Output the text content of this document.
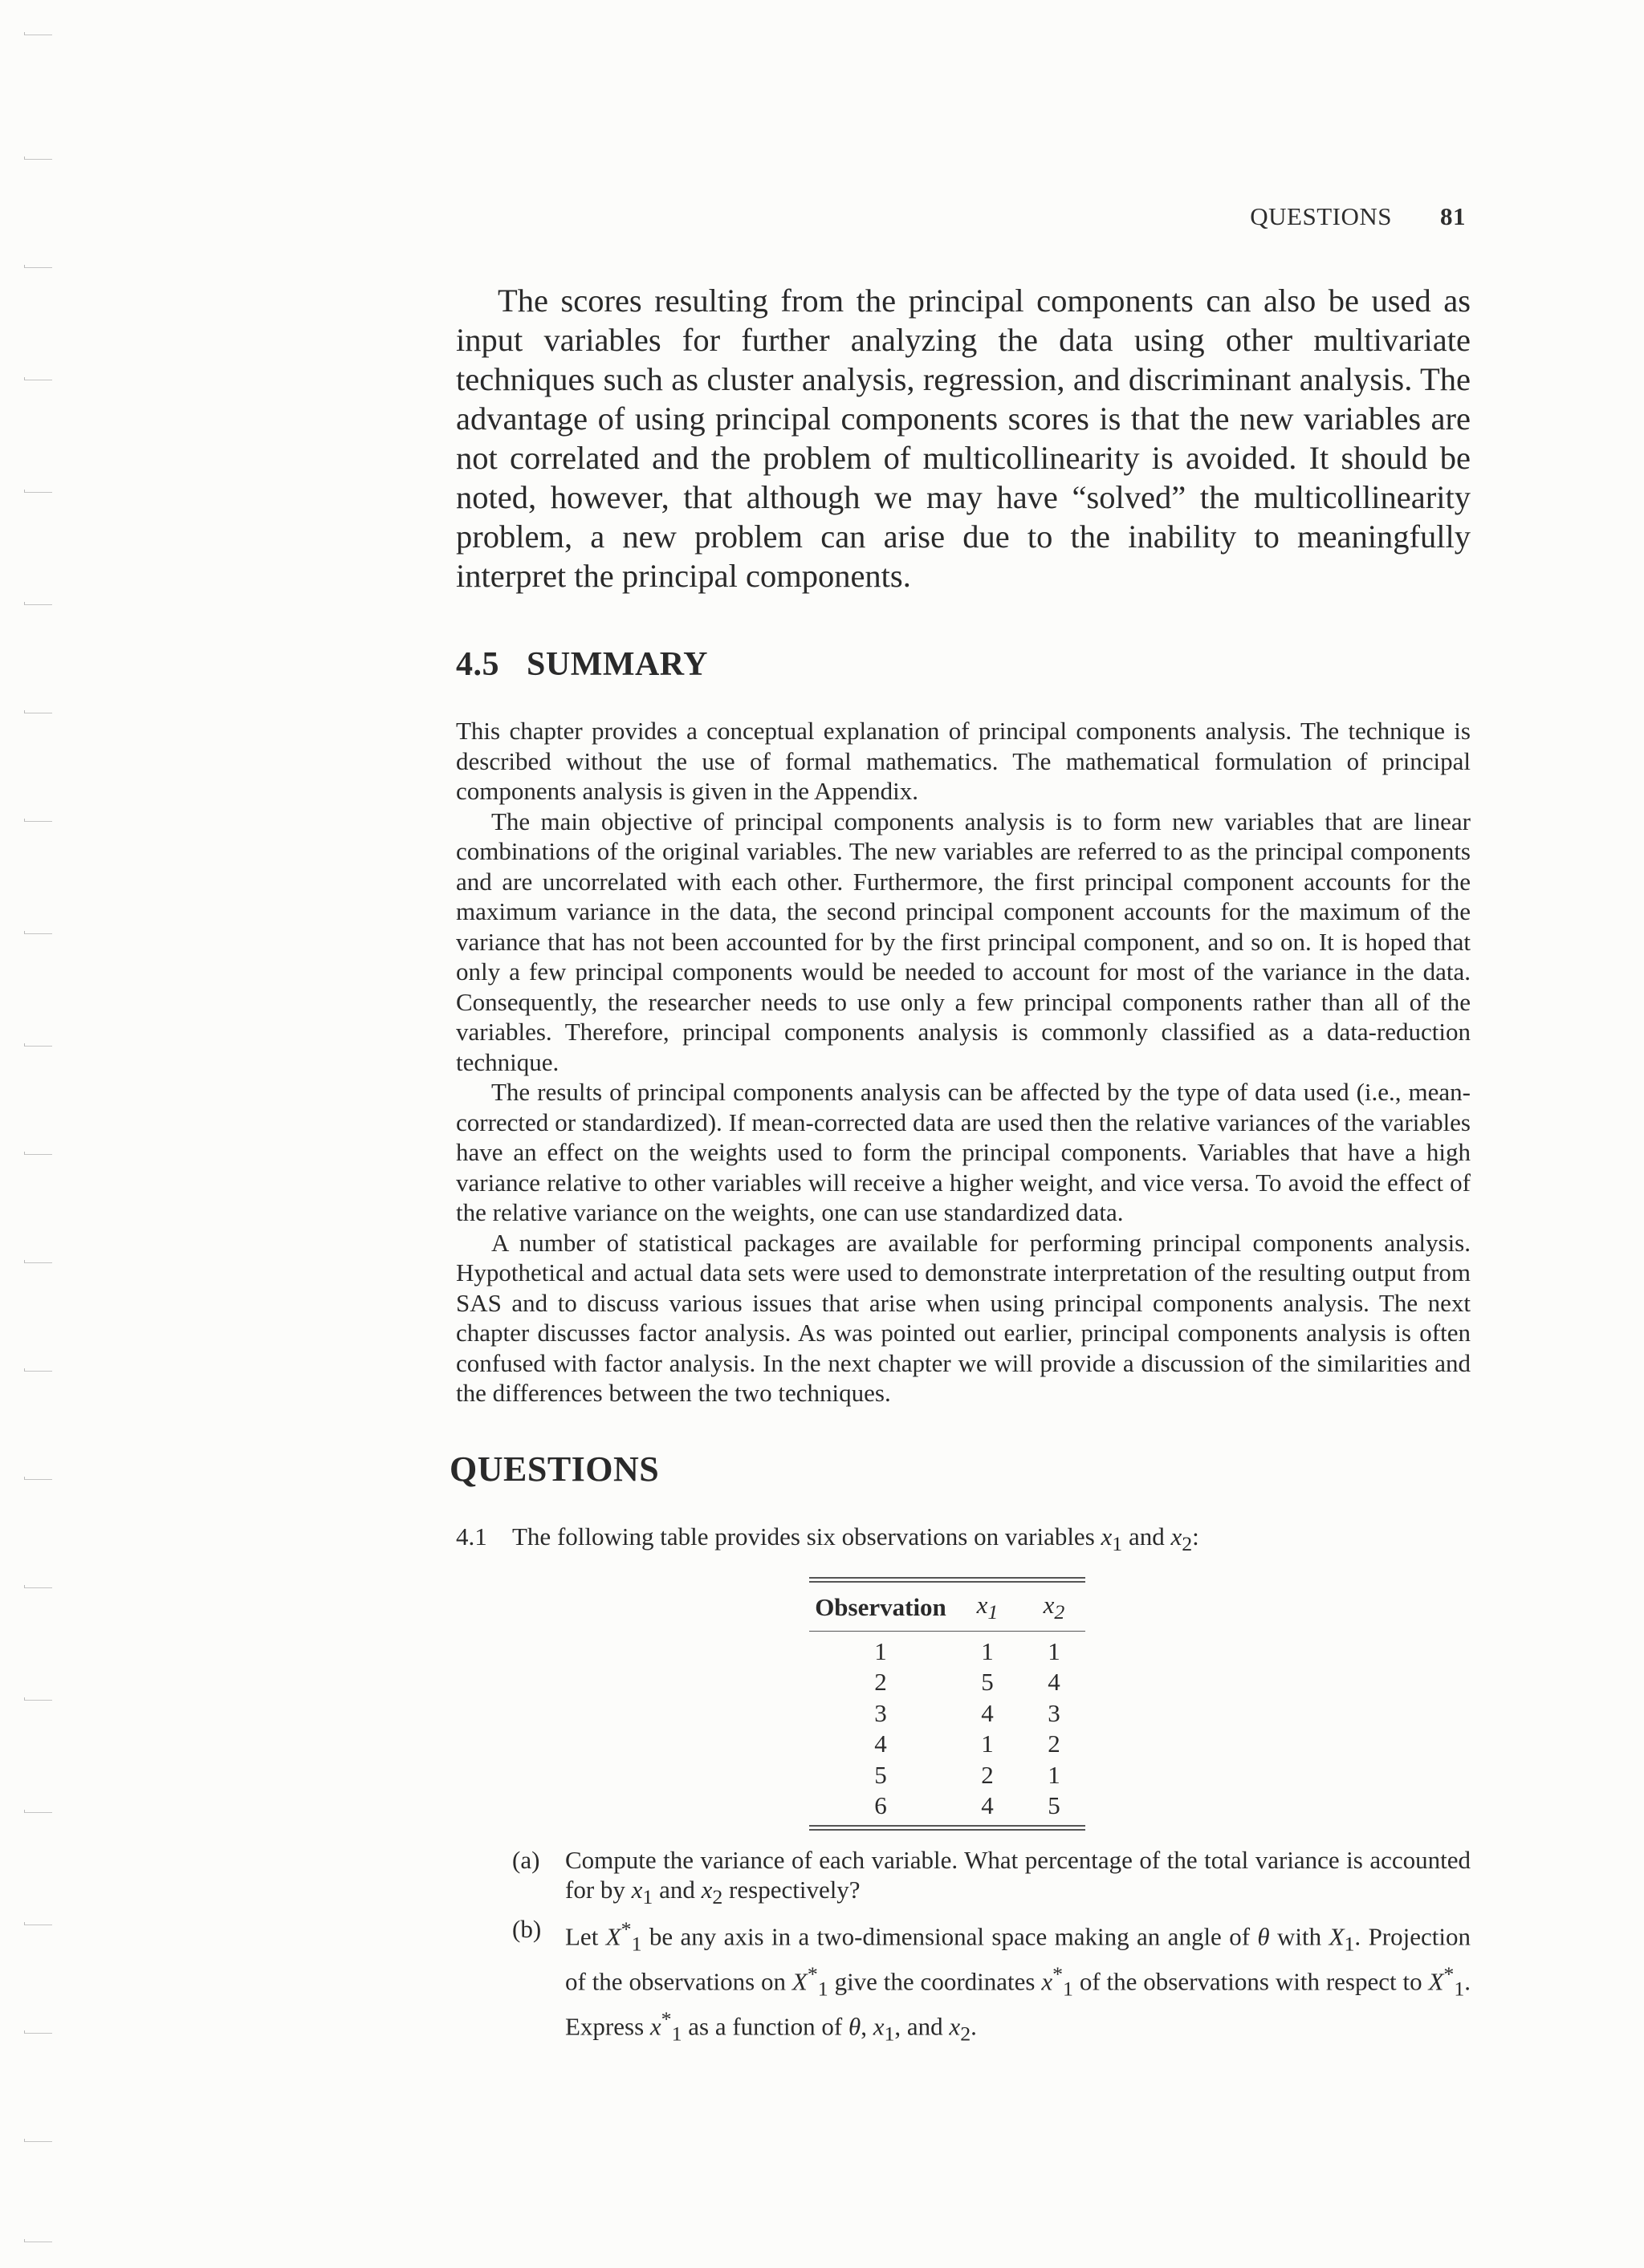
QUESTIONS 81

The scores resulting from the principal components can also be used as input variables for further analyzing the data using other multivariate techniques such as cluster analysis, regression, and discriminant analysis. The advantage of using principal components scores is that the new variables are not correlated and the problem of multicollinearity is avoided. It should be noted, however, that although we may have “solved” the multicollinearity problem, a new problem can arise due to the inability to meaningfully interpret the principal components.

4.5 SUMMARY

This chapter provides a conceptual explanation of principal components analysis. The technique is described without the use of formal mathematics. The mathematical formulation of principal components analysis is given in the Appendix.

The main objective of principal components analysis is to form new variables that are linear combinations of the original variables. The new variables are referred to as the principal components and are uncorrelated with each other. Furthermore, the first principal component accounts for the maximum variance in the data, the second principal component accounts for the maximum of the variance that has not been accounted for by the first principal component, and so on. It is hoped that only a few principal components would be needed to account for most of the variance in the data. Consequently, the researcher needs to use only a few principal components rather than all of the variables. Therefore, principal components analysis is commonly classified as a data-reduction technique.

The results of principal components analysis can be affected by the type of data used (i.e., mean-corrected or standardized). If mean-corrected data are used then the relative variances of the variables have an effect on the weights used to form the principal components. Variables that have a high variance relative to other variables will receive a higher weight, and vice versa. To avoid the effect of the relative variance on the weights, one can use standardized data.

A number of statistical packages are available for performing principal components analysis. Hypothetical and actual data sets were used to demonstrate interpretation of the resulting output from SAS and to discuss various issues that arise when using principal components analysis. The next chapter discusses factor analysis. As was pointed out earlier, principal components analysis is often confused with factor analysis. In the next chapter we will provide a discussion of the similarities and the differences between the two techniques.

QUESTIONS
4.1 The following table provides six observations on variables $x_1$ and $x_2$:
Observation	$x_1$	$x_2$
1	1	1
2	5	4
3	4	3
4	1	2
5	2	1
6	4	5
(a) Compute the variance of each variable. What percentage of the total variance is accounted for by $x_1$ and $x_2$ respectively?
(b) Let $X^*_1$ be any axis in a two-dimensional space making an angle of θ with $X_1$. Projection of the observations on $X^*_1$ give the coordinates $x^*_1$ of the observations with respect to $X^*_1$. Express $x^*_1$ as a function of θ, $x_1$, and $x_2$.
